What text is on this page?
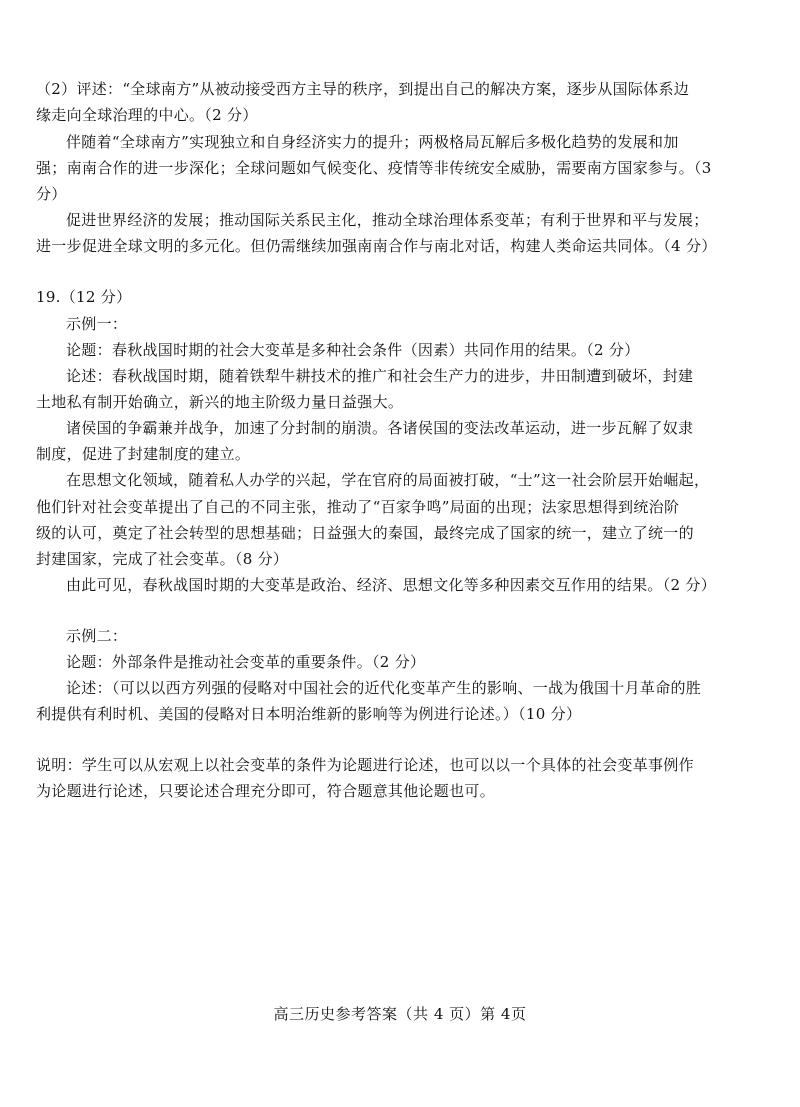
（2）评述：“全球南方”从被动接受西方主导的秩序，到提出自己的解决方案，逐步从国际体系边
缘走向全球治理的中心。（2 分）
伴随着“全球南方”实现独立和自身经济实力的提升；两极格局瓦解后多极化趋势的发展和加
强；南南合作的进一步深化；全球问题如气候变化、疫情等非传统安全威胁，需要南方国家参与。（3
分）
促进世界经济的发展；推动国际关系民主化，推动全球治理体系变革；有利于世界和平与发展；
进一步促进全球文明的多元化。但仍需继续加强南南合作与南北对话，构建人类命运共同体。（4 分）
19.（12 分）
示例一：
论题：春秋战国时期的社会大变革是多种社会条件（因素）共同作用的结果。（2 分）
论述：春秋战国时期，随着铁犁牛耕技术的推广和社会生产力的进步，井田制遭到破坏，封建
土地私有制开始确立，新兴的地主阶级力量日益强大。
诸侯国的争霸兼并战争，加速了分封制的崩溃。各诸侯国的变法改革运动，进一步瓦解了奴隶
制度，促进了封建制度的建立。
在思想文化领域，随着私人办学的兴起，学在官府的局面被打破，“士”这一社会阶层开始崛起，
他们针对社会变革提出了自己的不同主张，推动了“百家争鸣”局面的出现；法家思想得到统治阶
级的认可，奠定了社会转型的思想基础；日益强大的秦国，最终完成了国家的统一，建立了统一的
封建国家，完成了社会变革。（8 分）
由此可见，春秋战国时期的大变革是政治、经济、思想文化等多种因素交互作用的结果。（2 分）
示例二：
论题：外部条件是推动社会变革的重要条件。（2 分）
论述：（可以以西方列强的侵略对中国社会的近代化变革产生的影响、一战为俄国十月革命的胜
利提供有利时机、美国的侵略对日本明治维新的影响等为例进行论述。）（10 分）
说明：学生可以从宏观上以社会变革的条件为论题进行论述，也可以以一个具体的社会变革事例作
为论题进行论述，只要论述合理充分即可，符合题意其他论题也可。
高三历史参考答案（共 4 页）第 4页
